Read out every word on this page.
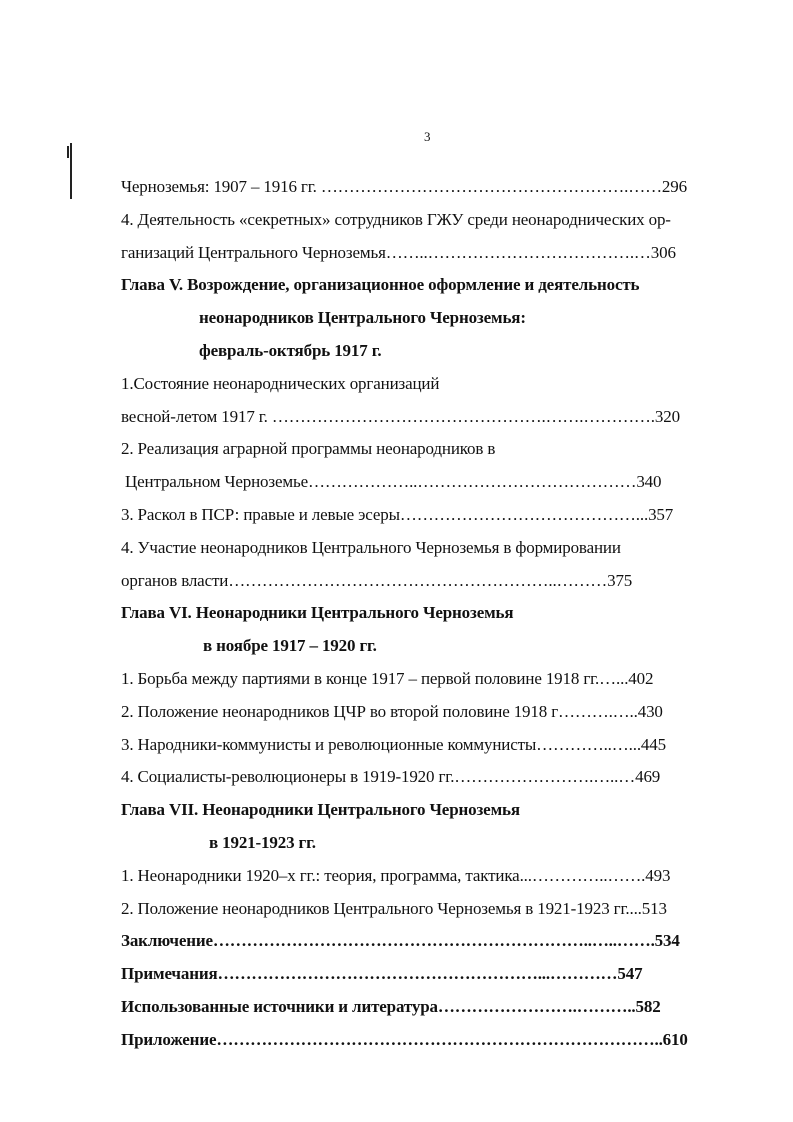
3
Черноземья: 1907 – 1916 гг. ……………………………………………….……296
4. Деятельность «секретных» сотрудников ГЖУ среди неонароднических ор-
ганизаций Центрального Черноземья……..……………………………….…306
Глава V. Возрождение, организационное оформление и деятельность
неонародников Центрального Черноземья:
февраль-октябрь 1917 г.
1.Состояние неонароднических организаций
весной-летом 1917 г. ………………………………………….…….………….320
2. Реализация аграрной программы неонародников в
Центральном Черноземье………………..…………………………………340
3. Раскол в ПСР: правые и левые эсеры……………………………………...357
4. Участие неонародников Центрального Черноземья в формировании
органов власти…………………………………………………..………375
Глава VI. Неонародники Центрального Черноземья
в ноябре 1917 – 1920 гг.
1. Борьба между партиями в конце 1917 – первой половине 1918 гг.…...402
2. Положение неонародников ЦЧР во второй половине 1918 г……….…..430
3. Народники-коммунисты и революционные коммунисты…………..…...445
4. Социалисты-революционеры в 1919-1920 гг.…………………….…..…469
Глава VII. Неонародники Центрального Черноземья
в 1921-1923 гг.
1. Неонародники 1920–х гг.: теория, программа, тактика...…………..…….493
2. Положение неонародников Центрального Черноземья в 1921-1923 гг....513
Заключение…………………………………………………………..…..…….534
Примечания…………………………………………………...…………547
Использованные источники и литература…………………….………..582
Приложение……………………………………………………………………..610
